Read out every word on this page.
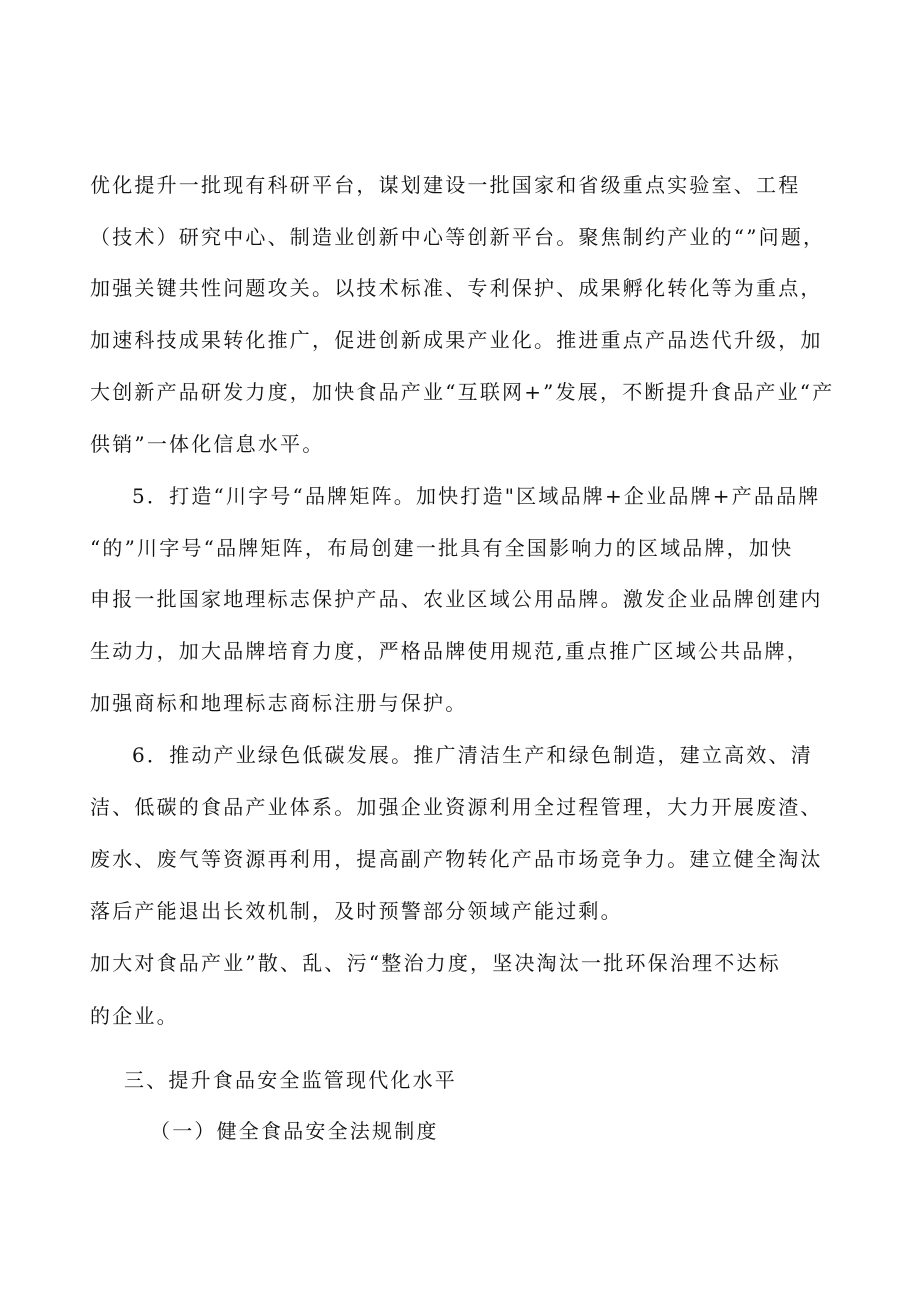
优化提升一批现有科研平台，谋划建设一批国家和省级重点实验室、工程
（技术）研究中心、制造业创新中心等创新平台。聚焦制约产业的“”问题，
加强关键共性问题攻关。以技术标准、专利保护、成果孵化转化等为重点，
加速科技成果转化推广，促进创新成果产业化。推进重点产品迭代升级，加
大创新产品研发力度，加快食品产业“互联网+”发展，不断提升食品产业“产
供销”一体化信息水平。
5．打造“川字号“品牌矩阵。加快打造"区域品牌+企业品牌+产品品牌
“的”川字号“品牌矩阵，布局创建一批具有全国影响力的区域品牌，加快
申报一批国家地理标志保护产品、农业区域公用品牌。激发企业品牌创建内
生动力，加大品牌培育力度，严格品牌使用规范,重点推广区域公共品牌，
加强商标和地理标志商标注册与保护。
6．推动产业绿色低碳发展。推广清洁生产和绿色制造，建立高效、清
洁、低碳的食品产业体系。加强企业资源利用全过程管理，大力开展废渣、
废水、废气等资源再利用，提高副产物转化产品市场竞争力。建立健全淘汰
落后产能退出长效机制，及时预警部分领域产能过剩。
加大对食品产业”散、乱、污“整治力度，坚决淘汰一批环保治理不达标
的企业。
三、提升食品安全监管现代化水平
（一）健全食品安全法规制度
